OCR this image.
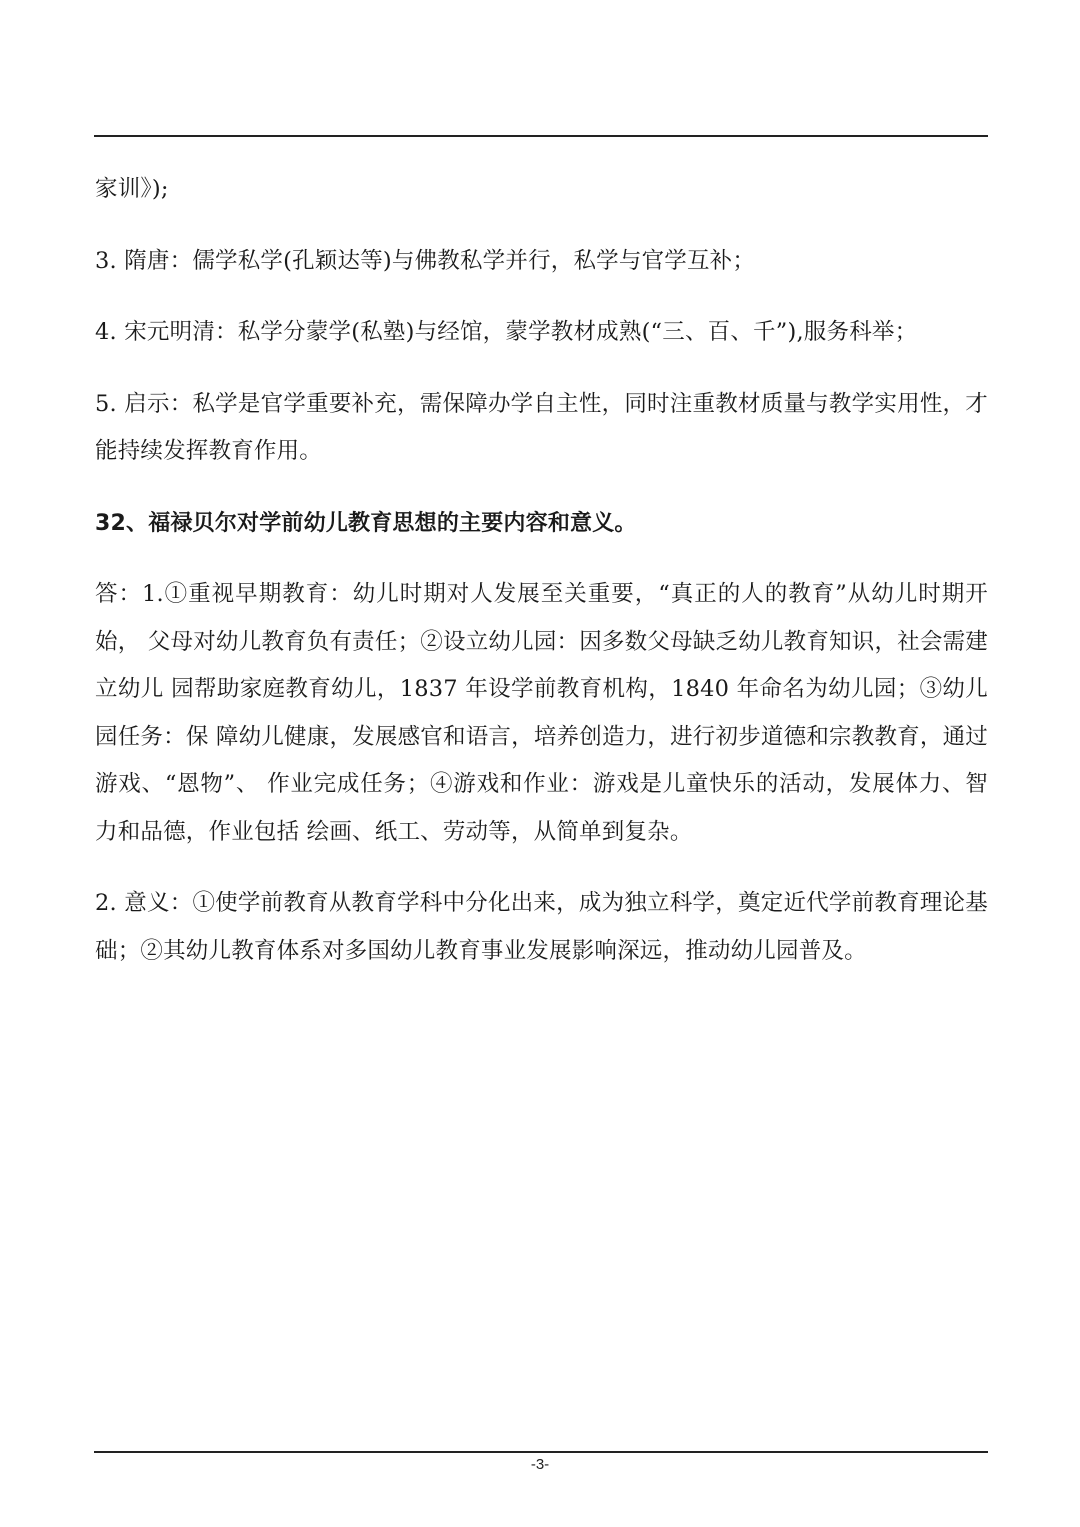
家训》);

3. 隋唐：儒学私学(孔颖达等)与佛教私学并行，私学与官学互补；

4. 宋元明清：私学分蒙学(私塾)与经馆，蒙学教材成熟(“三、百、千”),服务科举；

5. 启示：私学是官学重要补充，需保障办学自主性，同时注重教材质量与教学实用性，才 能持续发挥教育作用。

32、福禄贝尔对学前幼儿教育思想的主要内容和意义。

答：1.①重视早期教育：幼儿时期对人发展至关重要，“真正的人的教育”从幼儿时期开始， 父母对幼儿教育负有责任；②设立幼儿园：因多数父母缺乏幼儿教育知识，社会需建立幼儿 园帮助家庭教育幼儿，1837 年设学前教育机构，1840 年命名为幼儿园；③幼儿园任务：保 障幼儿健康，发展感官和语言，培养创造力，进行初步道德和宗教教育，通过游戏、“恩物”、 作业完成任务；④游戏和作业：游戏是儿童快乐的活动，发展体力、智力和品德，作业包括 绘画、纸工、劳动等，从简单到复杂。

2. 意义：①使学前教育从教育学科中分化出来，成为独立科学，奠定近代学前教育理论基 础；②其幼儿教育体系对多国幼儿教育事业发展影响深远，推动幼儿园普及。

-3-
